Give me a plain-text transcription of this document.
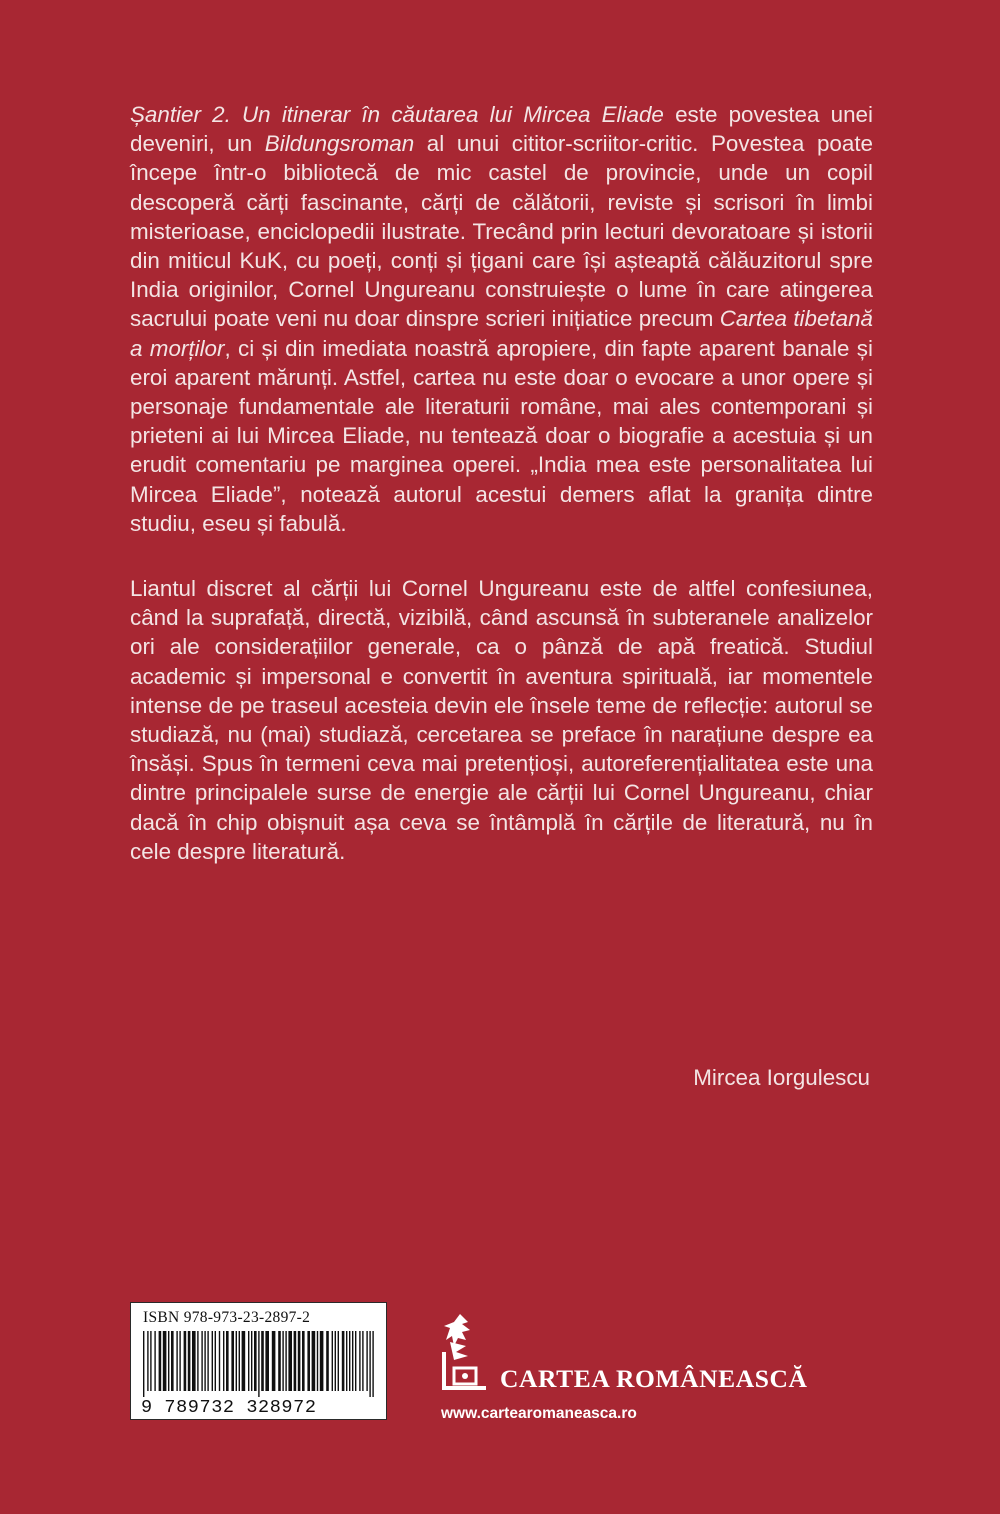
Șantier 2. Un itinerar în căutarea lui Mircea Eliade este povestea unei deveniri, un Bildungsroman al unui cititor-scriitor-critic. Povestea poate începe într-o bibliotecă de mic castel de provincie, unde un copil descoperă cărți fascinante, cărți de călătorii, reviste și scrisori în limbi misterioase, enciclopedii ilustrate. Trecând prin lecturi devoratoare și istorii din miticul KuK, cu poeți, conți și țigani care își așteaptă călăuzitorul spre India originilor, Cornel Ungureanu construiește o lume în care atingerea sacrului poate veni nu doar dinspre scrieri inițiatice precum Cartea tibetană a morților, ci și din imediata noastră apropiere, din fapte aparent banale și eroi aparent mărunți. Astfel, cartea nu este doar o evocare a unor opere și personaje fundamentale ale literaturii române, mai ales contemporani și prieteni ai lui Mircea Eliade, nu tentează doar o biografie a acestuia și un erudit comentariu pe marginea operei. „India mea este personalitatea lui Mircea Eliade”, notează autorul acestui demers aflat la granița dintre studiu, eseu și fabulă.

Liantul discret al cărții lui Cornel Ungureanu este de altfel confesiunea, când la suprafață, directă, vizibilă, când ascunsă în subteranele analizelor ori ale considerațiilor generale, ca o pânză de apă freatică. Studiul academic și impersonal e convertit în aventura spirituală, iar momentele intense de pe traseul acesteia devin ele însele teme de reflecție: autorul se studiază, nu (mai) studiază, cercetarea se preface în narațiune despre ea însăși. Spus în termeni ceva mai pretențioși, autoreferențialitatea este una dintre principalele surse de energie ale cărții lui Cornel Ungureanu, chiar dacă în chip obișnuit așa ceva se întâmplă în cărțile de literatură, nu în cele despre literatură.

Mircea Iorgulescu
ISBN 978-973-23-2897-2
9 789732 328972
CARTEA ROMÂNEASCĂ
www.cartearomaneasca.ro
